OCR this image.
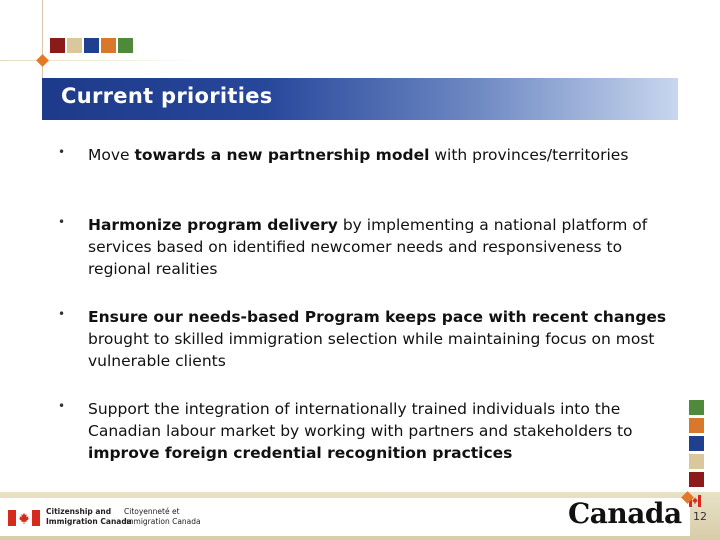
Current priorities
• Move towards a new partnership model with provinces/territories
• Harmonize program delivery by implementing a national platform of services based on identified newcomer needs and responsiveness to regional realities
• Ensure our needs-based Program keeps pace with recent changes brought to skilled immigration selection while maintaining focus on most vulnerable clients
• Support the integration of internationally trained individuals into the Canadian labour market by working with partners and stakeholders to improve foreign credential recognition practices
Citizenship and
Immigration Canada
Citoyenneté et
Immigration Canada	Canada	12
